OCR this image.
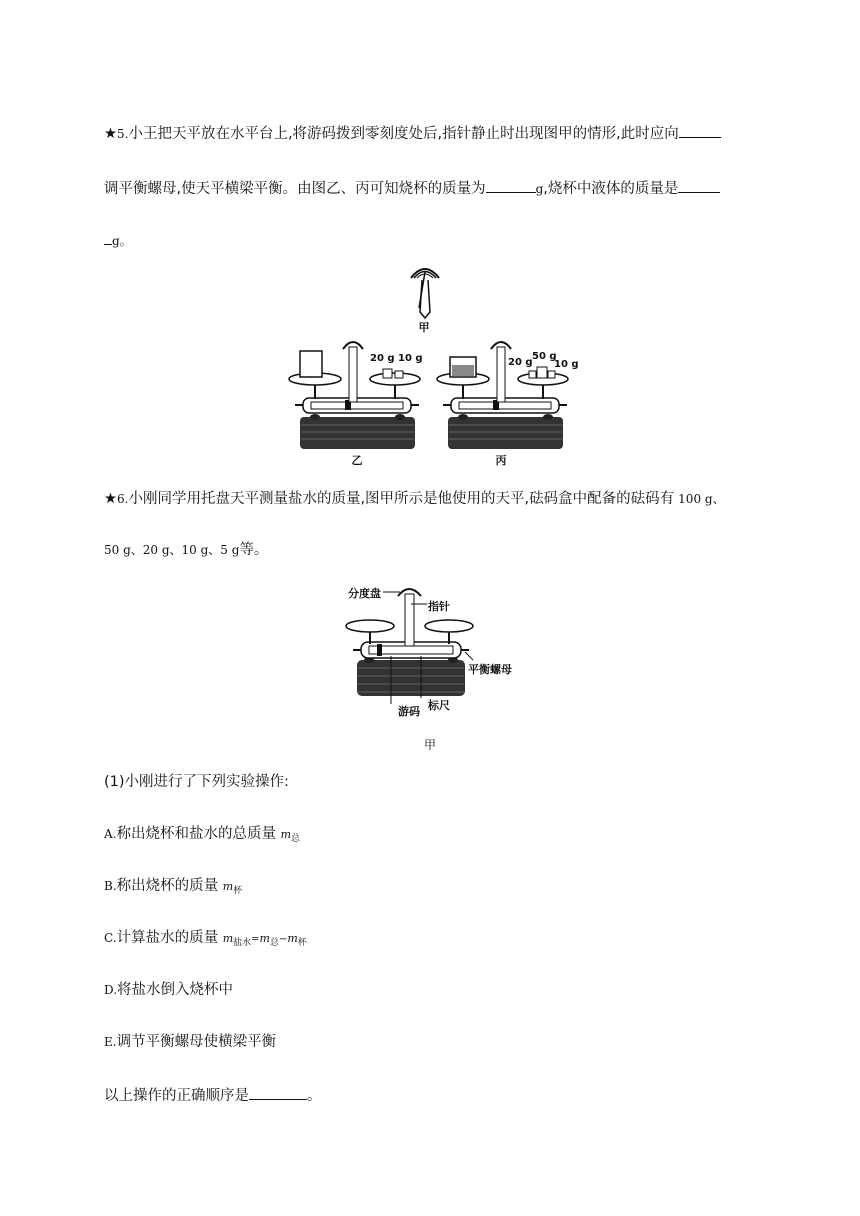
★5.小王把天平放在水平台上,将游码拨到零刻度处后,指针静止时出现图甲的情形,此时应向
调平衡螺母,使天平横梁平衡。由图乙、丙可知烧杯的质量为	g,烧杯中液体的质量是
g。
甲
20 g 10 g	20 g
50 g
10 g
乙	丙
★6.小刚同学用托盘天平测量盐水的质量,图甲所示是他使用的天平,砝码盒中配备的砝码有 100 g、
50 g、20 g、10 g、5 g等。
分度盘
指针
平衡螺母
游码 标尺
甲
(1)小刚进行了下列实验操作:
A.称出烧杯和盐水的总质量 $m_总$
B.称出烧杯的质量 $m_杯$
C.计算盐水的质量 $m_{盐水}=m_总-m_杯$
D.将盐水倒入烧杯中
E.调节平衡螺母使横梁平衡
以上操作的正确顺序是	。
